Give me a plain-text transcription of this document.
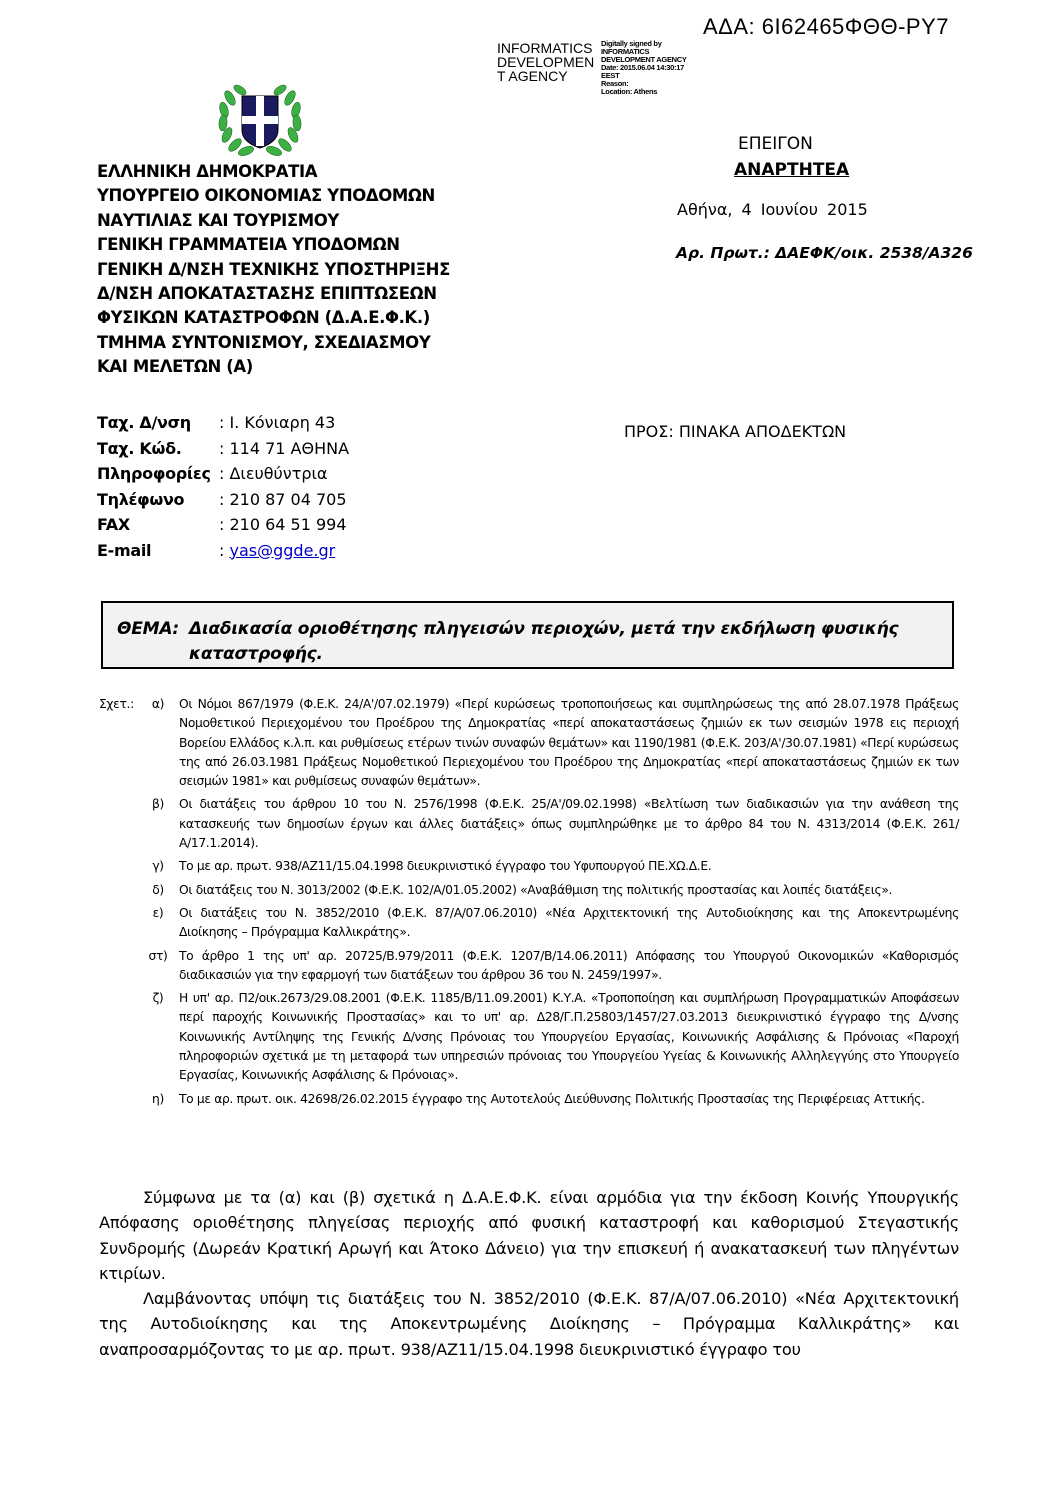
ΑΔΑ: 6Ι62465ΦΘΘ-ΡΥ7
INFORMATICS
DEVELOPMEN
T AGENCY
Digitally signed by
INFORMATICS
DEVELOPMENT AGENCY
Date: 2015.06.04 14:30:17
EEST
Reason:
Location: Athens
ΕΛΛΗΝΙΚΗ ΔΗΜΟΚΡΑΤΙΑ
ΥΠΟΥΡΓΕΙΟ ΟΙΚΟΝΟΜΙΑΣ ΥΠΟΔΟΜΩΝ
ΝΑΥΤΙΛΙΑΣ ΚΑΙ ΤΟΥΡΙΣΜΟΥ
ΓΕΝΙΚΗ ΓΡΑΜΜΑΤΕΙΑ ΥΠΟΔΟΜΩΝ
ΓΕΝΙΚΗ Δ/ΝΣΗ ΤΕΧΝΙΚΗΣ ΥΠΟΣΤΗΡΙΞΗΣ
Δ/ΝΣΗ ΑΠΟΚΑΤΑΣΤΑΣΗΣ ΕΠΙΠΤΩΣΕΩΝ
ΦΥΣΙΚΩΝ ΚΑΤΑΣΤΡΟΦΩΝ (Δ.Α.Ε.Φ.Κ.)
ΤΜΗΜΑ ΣΥΝΤΟΝΙΣΜΟΥ, ΣΧΕΔΙΑΣΜΟΥ
ΚΑΙ ΜΕΛΕΤΩΝ (Α)
ΕΠΕΙΓΟΝ
ΑΝΑΡΤΗΤΕΑ
Αθήνα, 4 Ιουνίου 2015
Αρ. Πρωτ.: ΔΑΕΦΚ/οικ. 2538/Α326
ΠΡΟΣ: ΠΙΝΑΚΑ ΑΠΟΔΕΚΤΩΝ
Ταχ. Δ/νση	: Ι. Κόνιαρη 43
Ταχ. Κώδ.	: 114 71 ΑΘΗΝΑ
Πληροφορίες : Διευθύντρια
Τηλέφωνο	: 210 87 04 705
FAX	: 210 64 51 994
E-mail	: yas@ggde.gr
ΘΕΜΑ: Διαδικασία οριοθέτησης πληγεισών περιοχών, μετά την εκδήλωση φυσικής
καταστροφής.
Σχετ.:	α)	Οι Νόμοι 867/1979 (Φ.Ε.Κ. 24/Α'/07.02.1979) «Περί κυρώσεως τροποποιήσεως και συμπληρώσεως της από 28.07.1978 Πράξεως Νομοθετικού Περιεχομένου του Προέδρου της Δημοκρατίας «περί αποκαταστάσεως ζημιών εκ των σεισμών 1978 εις περιοχή Βορείου Ελλάδος κ.λ.π. και ρυθμίσεως ετέρων τινών συναφών θεμάτων» και 1190/1981 (Φ.Ε.Κ. 203/Α'/30.07.1981) «Περί κυρώσεως της από 26.03.1981 Πράξεως Νομοθετικού Περιεχομένου του Προέδρου της Δημοκρατίας «περί αποκαταστάσεως ζημιών εκ των σεισμών 1981» και ρυθμίσεως συναφών θεμάτων».
β)	Οι διατάξεις του άρθρου 10 του Ν. 2576/1998 (Φ.Ε.Κ. 25/Α'/09.02.1998) «Βελτίωση των διαδικασιών για την ανάθεση της κατασκευής των δημοσίων έργων και άλλες διατάξεις» όπως συμπληρώθηκε με το άρθρο 84 του Ν. 4313/2014 (Φ.Ε.Κ. 261/Α/17.1.2014).
γ)	Το με αρ. πρωτ. 938/ΑΖ11/15.04.1998 διευκρινιστικό έγγραφο του Υφυπουργού ΠΕ.ΧΩ.Δ.Ε.
δ)	Οι διατάξεις του Ν. 3013/2002 (Φ.Ε.Κ. 102/Α/01.05.2002) «Αναβάθμιση της πολιτικής προστασίας και λοιπές διατάξεις».
ε)	Οι διατάξεις του Ν. 3852/2010 (Φ.Ε.Κ. 87/Α/07.06.2010) «Νέα Αρχιτεκτονική της Αυτοδιοίκησης και της Αποκεντρωμένης Διοίκησης – Πρόγραμμα Καλλικράτης».
στ) Το άρθρο 1 της υπ' αρ. 20725/Β.979/2011 (Φ.Ε.Κ. 1207/Β/14.06.2011) Απόφασης του Υπουργού Οικονομικών «Καθορισμός διαδικασιών για την εφαρμογή των διατάξεων του άρθρου 36 του Ν. 2459/1997».
ζ)	Η υπ' αρ. Π2/οικ.2673/29.08.2001 (Φ.Ε.Κ. 1185/Β/11.09.2001) Κ.Υ.Α. «Τροποποίηση και συμπλήρωση Προγραμματικών Αποφάσεων περί παροχής Κοινωνικής Προστασίας» και το υπ' αρ. Δ28/Γ.Π.25803/1457/27.03.2013 διευκρινιστικό έγγραφο της Δ/νσης Κοινωνικής Αντίληψης της Γενικής Δ/νσης Πρόνοιας του Υπουργείου Εργασίας, Κοινωνικής Ασφάλισης & Πρόνοιας «Παροχή πληροφοριών σχετικά με τη μεταφορά των υπηρεσιών πρόνοιας του Υπουργείου Υγείας & Κοινωνικής Αλληλεγγύης στο Υπουργείο Εργασίας, Κοινωνικής Ασφάλισης & Πρόνοιας».
η)	Το με αρ. πρωτ. οικ. 42698/26.02.2015 έγγραφο της Αυτοτελούς Διεύθυνσης Πολιτικής Προστασίας της Περιφέρειας Αττικής.

Σύμφωνα με τα (α) και (β) σχετικά η Δ.Α.Ε.Φ.Κ. είναι αρμόδια για την έκδοση Κοινής Υπουργικής Απόφασης οριοθέτησης πληγείσας περιοχής από φυσική καταστροφή και καθορισμού Στεγαστικής Συνδρομής (Δωρεάν Κρατική Αρωγή και Άτοκο Δάνειο) για την επισκευή ή ανακατασκευή των πληγέντων κτιρίων.

Λαμβάνοντας υπόψη τις διατάξεις του Ν. 3852/2010 (Φ.Ε.Κ. 87/Α/07.06.2010) «Νέα Αρχιτεκτονική της Αυτοδιοίκησης και της Αποκεντρωμένης Διοίκησης – Πρόγραμμα Καλλικράτης» και αναπροσαρμόζοντας το με αρ. πρωτ. 938/ΑΖ11/15.04.1998 διευκρινιστικό έγγραφο του
